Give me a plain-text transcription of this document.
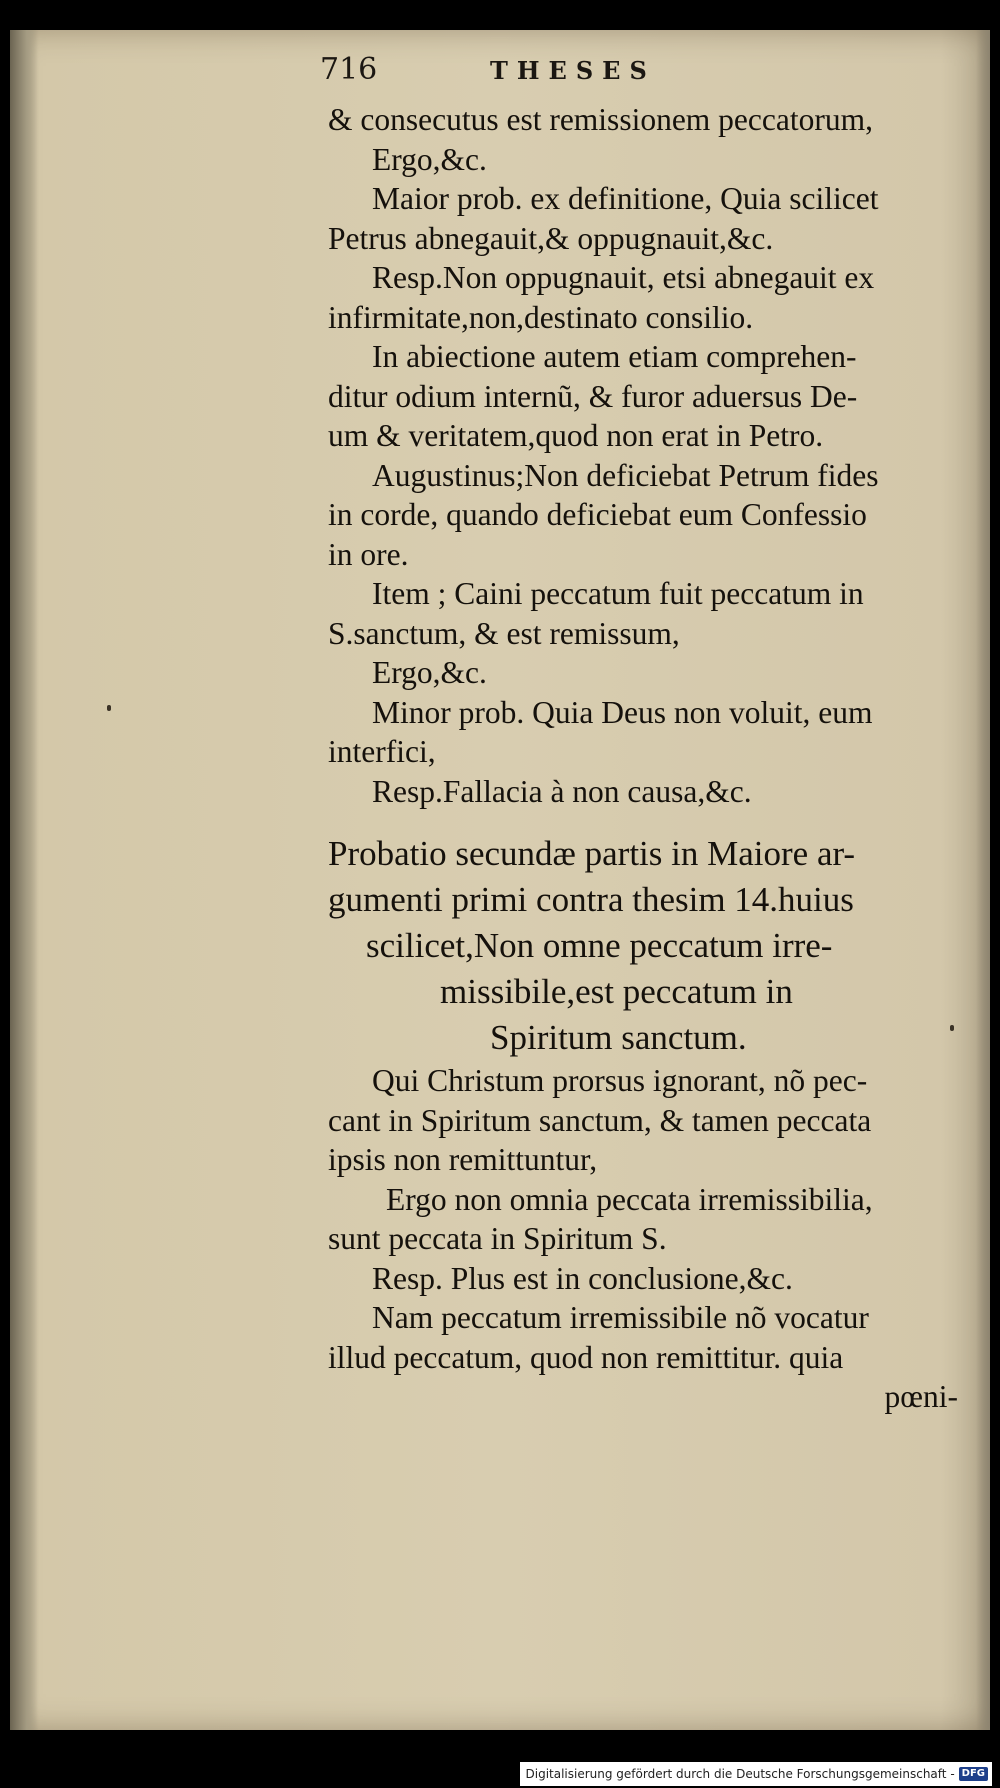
716	THESES
& consecutus est remissionem peccatorum,
Ergo,&c.
Maior prob. ex definitione, Quia scilicet
Petrus abnegauit,& oppugnauit,&c.
Resp.Non oppugnauit, etsi abnegauit ex
infirmitate,non,destinato consilio.
In abiectione autem etiam comprehen-
ditur odium internũ, & furor aduersus De-
um & veritatem,quod non erat in Petro.
Augustinus;Non deficiebat Petrum fides
in corde, quando deficiebat eum Confessio
in ore.
Item ; Caini peccatum fuit peccatum in
S.sanctum, & est remissum,
Ergo,&c.
Minor prob. Quia Deus non voluit, eum
interfici,
Resp.Fallacia à non causa,&c.
Probatio secundæ partis in Maiore ar-
gumenti primi contra thesim 14.huius
scilicet,Non omne peccatum irre-
missibile,est peccatum in
Spiritum sanctum.
Qui Christum prorsus ignorant, nõ pec-
cant in Spiritum sanctum, & tamen peccata
ipsis non remittuntur,
Ergo non omnia peccata irremissibilia,
sunt peccata in Spiritum S.
Resp. Plus est in conclusione,&c.
Nam peccatum irremissibile nõ vocatur
illud peccatum, quod non remittitur. quia
pœni-
Digitalisierung gefördert durch die Deutsche Forschungsgemeinschaft - DFG
